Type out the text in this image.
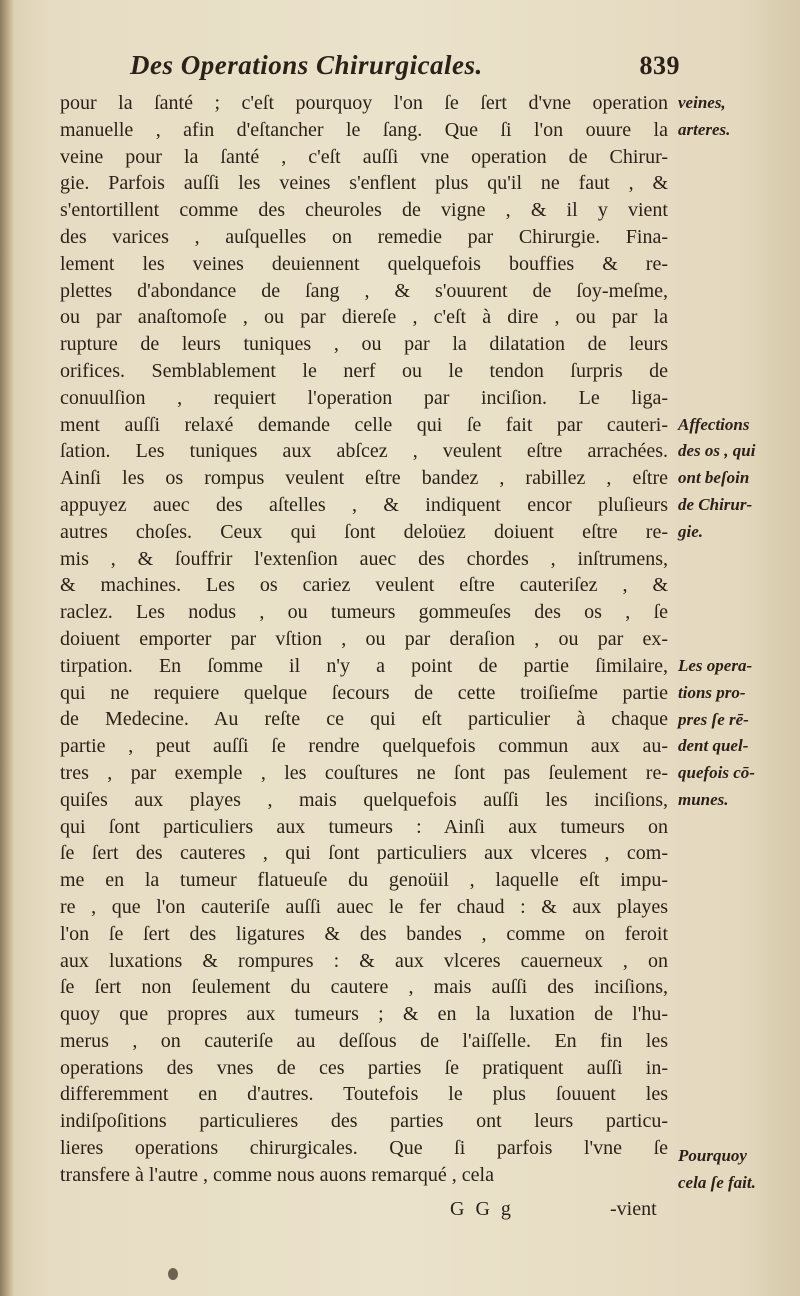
Des Operations Chirurgicales.	839
pour la ſanté ; c'eſt pourquoy l'on ſe ſert d'vne operation
manuelle , afin d'eſtancher le ſang. Que ſi l'on ouure la
veine pour la ſanté , c'eſt auſſi vne operation de Chirur-
gie. Parfois auſſi les veines s'enflent plus qu'il ne faut , &
s'entortillent comme des cheuroles de vigne , & il y vient
des varices , auſquelles on remedie par Chirurgie. Fina-
lement les veines deuiennent quelquefois bouffies & re-
plettes d'abondance de ſang , & s'ouurent de ſoy-meſme,
ou par anaſtomoſe , ou par diereſe , c'eſt à dire , ou par la
rupture de leurs tuniques , ou par la dilatation de leurs
orifices. Semblablement le nerf ou le tendon ſurpris de
conuulſion , requiert l'operation par inciſion. Le liga-
ment auſſi relaxé demande celle qui ſe fait par cauteri-
ſation. Les tuniques aux abſcez , veulent eſtre arrachées.
Ainſi les os rompus veulent eſtre bandez , rabillez , eſtre
appuyez auec des aſtelles , & indiquent encor pluſieurs
autres choſes. Ceux qui ſont deloüez doiuent eſtre re-
mis , & ſouffrir l'extenſion auec des chordes , inſtrumens,
& machines. Les os cariez veulent eſtre cauteriſez , &
raclez. Les nodus , ou tumeurs gommeuſes des os , ſe
doiuent emporter par vſtion , ou par deraſion , ou par ex-
tirpation. En ſomme il n'y a point de partie ſimilaire,
qui ne requiere quelque ſecours de cette troiſieſme partie
de Medecine. Au reſte ce qui eſt particulier à chaque
partie , peut auſſi ſe rendre quelquefois commun aux au-
tres , par exemple , les couſtures ne ſont pas ſeulement re-
quiſes aux playes , mais quelquefois auſſi les inciſions,
qui ſont particuliers aux tumeurs : Ainſi aux tumeurs on
ſe ſert des cauteres , qui ſont particuliers aux vlceres , com-
me en la tumeur flatueuſe du genoüil , laquelle eſt impu-
re , que l'on cauteriſe auſſi auec le fer chaud : & aux playes
l'on ſe ſert des ligatures & des bandes , comme on feroit
aux luxations & rompures : & aux vlceres cauerneux , on
ſe ſert non ſeulement du cautere , mais auſſi des inciſions,
quoy que propres aux tumeurs ; & en la luxation de l'hu-
merus , on cauteriſe au deſſous de l'aiſſelle. En fin les
operations des vnes de ces parties ſe pratiquent auſſi in-
differemment en d'autres. Toutefois le plus ſouuent les
indiſpoſitions particulieres des parties ont leurs particu-
lieres operations chirurgicales. Que ſi parfois l'vne ſe
transfere à l'autre , comme nous auons remarqué , cela
veines,
arteres.
Affections
des os , qui
ont beſoin
de Chirur-
gie.
Les opera-
tions pro-
pres ſe rē-
dent quel-
quefois cō-
munes.
Pourquoy
cela ſe fait.
G G g	-vient
